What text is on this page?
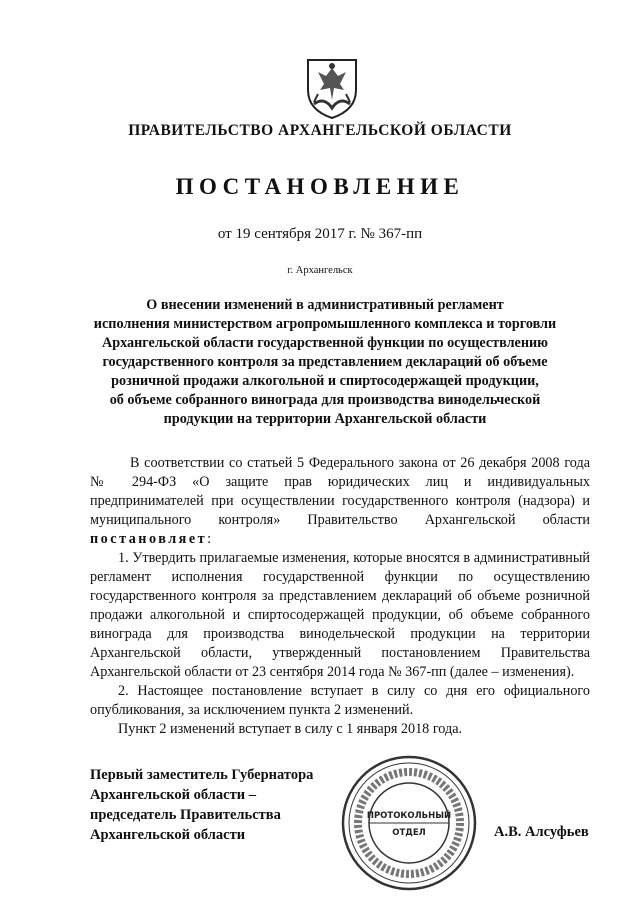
ПРАВИТЕЛЬСТВО АРХАНГЕЛЬСКОЙ ОБЛАСТИ
ПОСТАНОВЛЕНИЕ
от 19 сентября 2017 г. № 367-пп
г. Архангельск
О внесении изменений в административный регламент
исполнения министерством агропромышленного комплекса и торговли
Архангельской области государственной функции по осуществлению
государственного контроля за представлением деклараций об объеме
розничной продажи алкогольной и спиртосодержащей продукции,
об объеме собранного винограда для производства винодельческой
продукции на территории Архангельской области

В соответствии со статьей 5 Федерального закона от 26 декабря 2008 года № 294-ФЗ «О защите прав юридических лиц и индивидуальных предпринимателей при осуществлении государственного контроля (надзора) и муниципального контроля» Правительство Архангельской области постановляет:

1. Утвердить прилагаемые изменения, которые вносятся в административный регламент исполнения государственной функции по осуществлению государственного контроля за представлением деклараций об объеме розничной продажи алкогольной и спиртосодержащей продукции, об объеме собранного винограда для производства винодельческой продукции на территории Архангельской области, утвержденный постановлением Правительства Архангельской области от 23 сентября 2014 года № 367-пп (далее – изменения).

2. Настоящее постановление вступает в силу со дня его официального опубликования, за исключением пункта 2 изменений.

Пункт 2 изменений вступает в силу с 1 января 2018 года.

Первый заместитель Губернатора
Архангельской области –
председатель Правительства
Архангельской области
ПРОТОКОЛЬНЫЙ
ОТДЕЛ	А.В. Алсуфьев
